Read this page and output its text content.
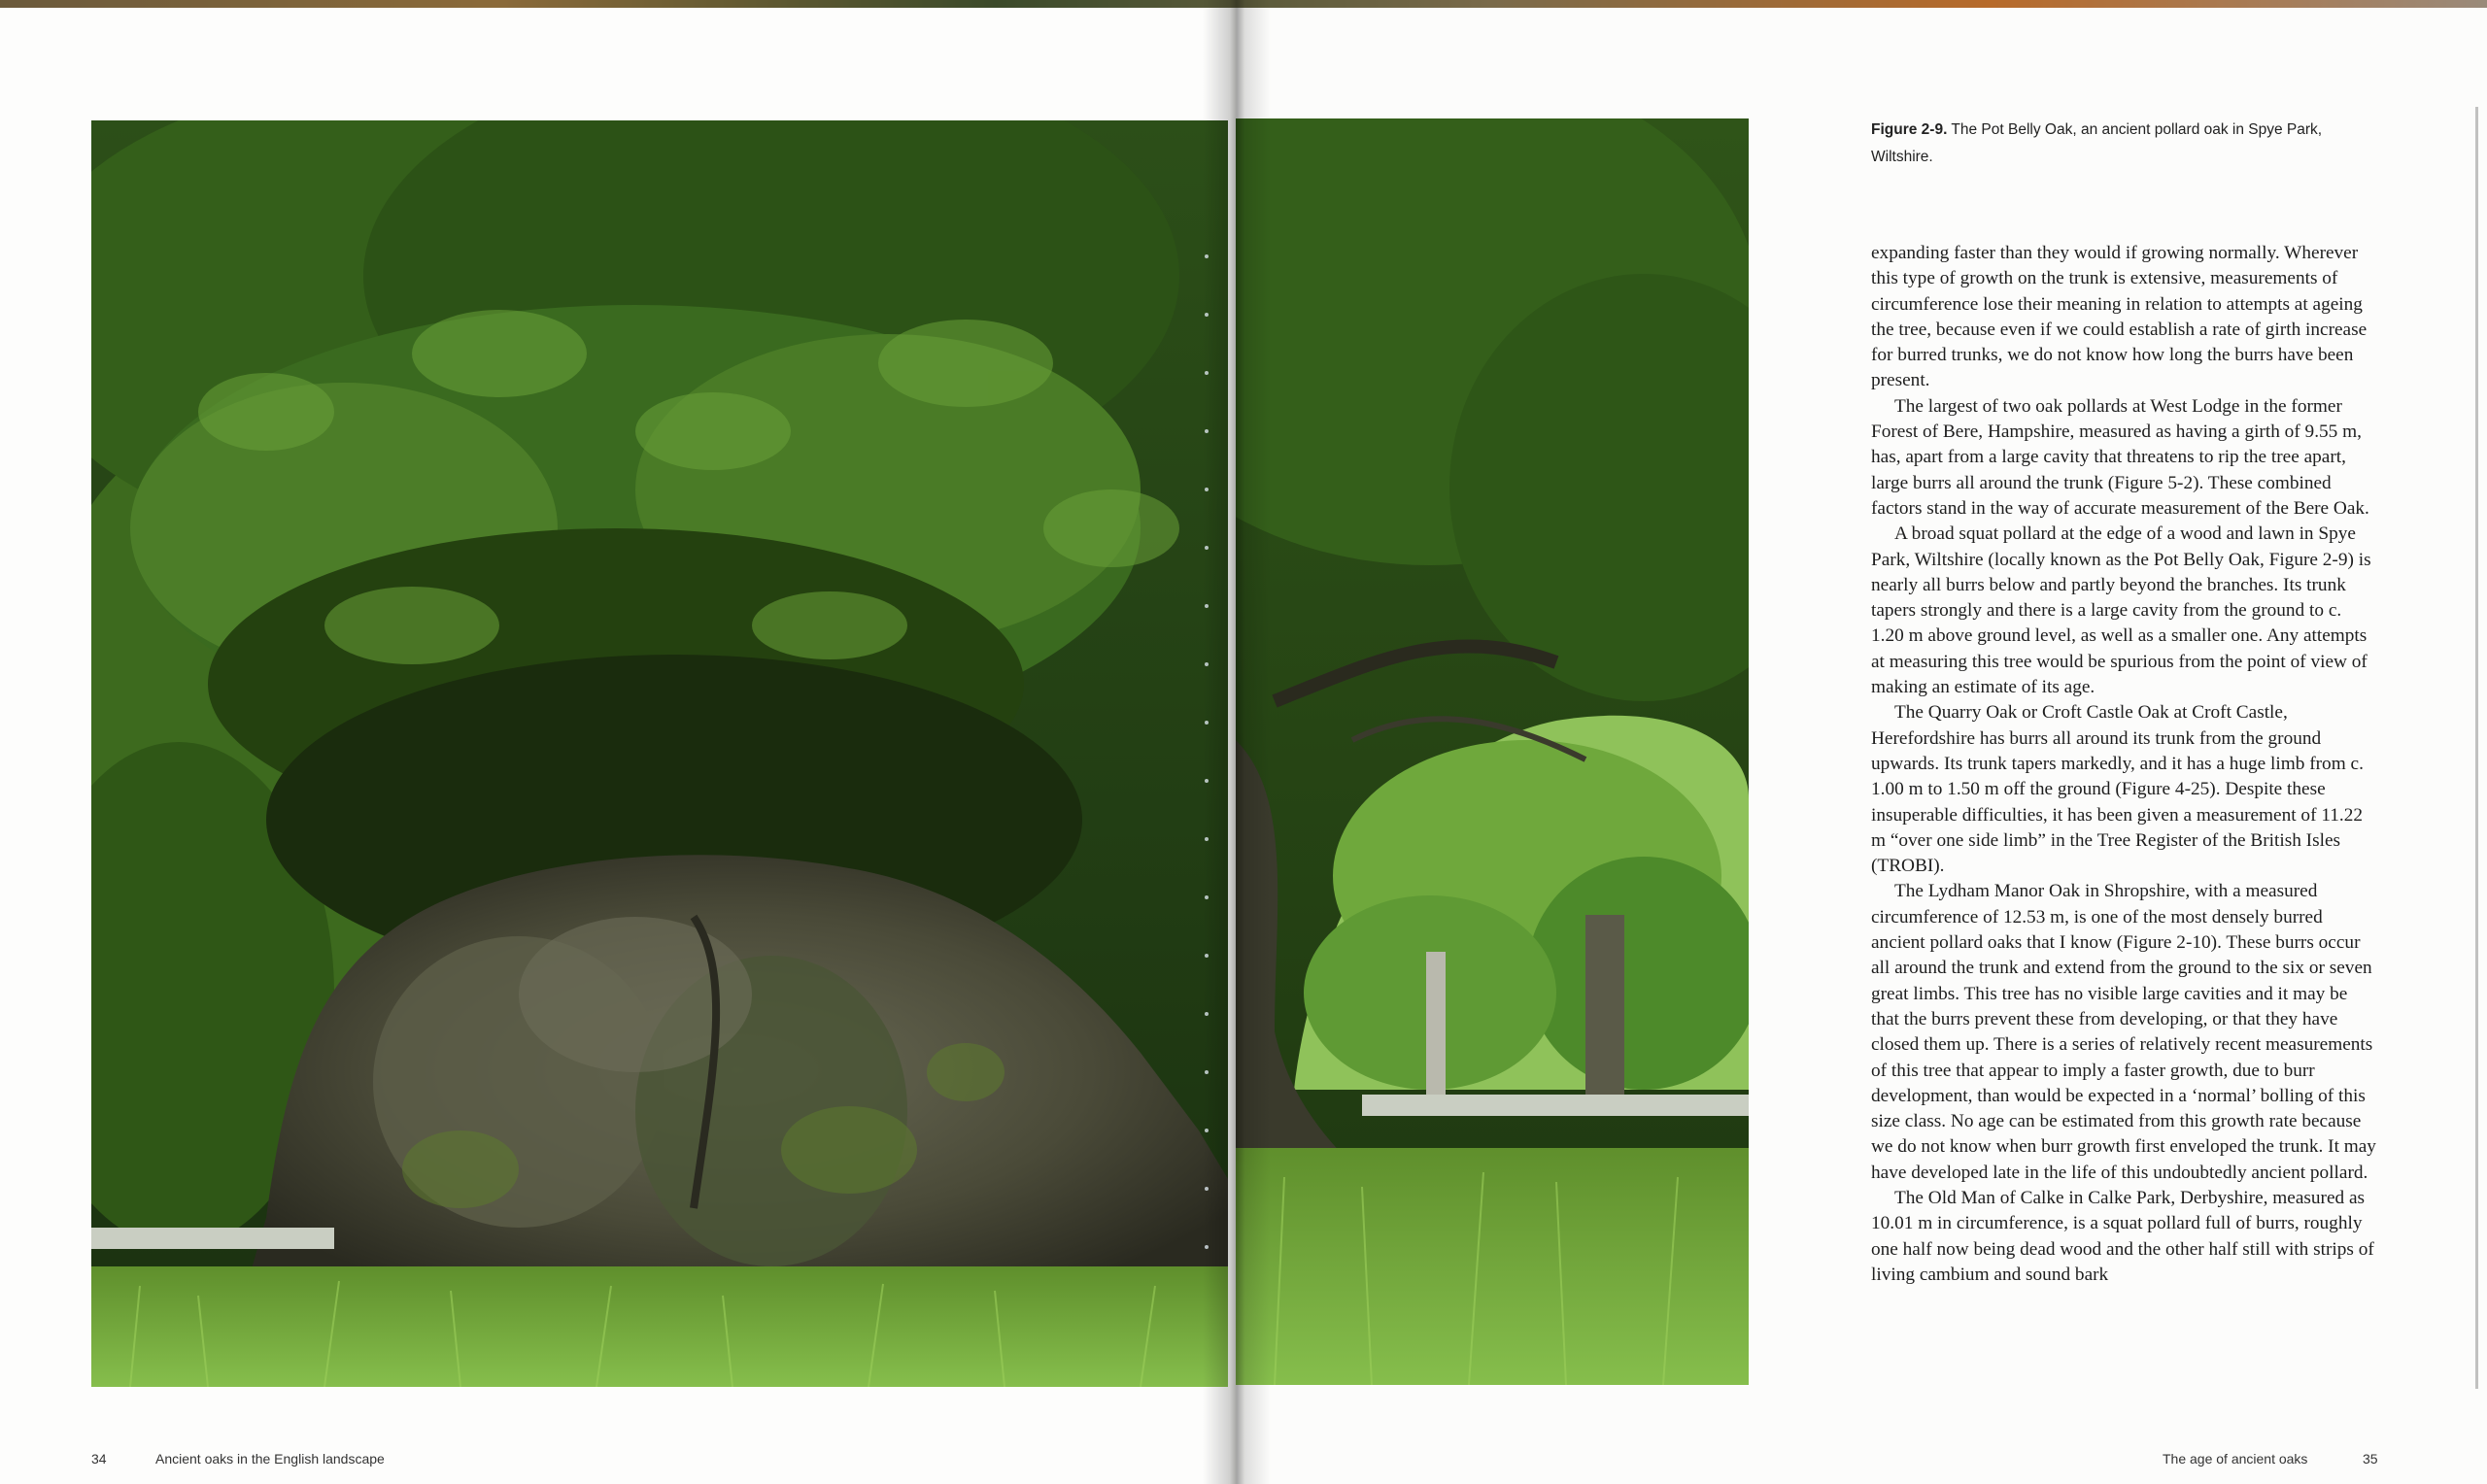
Figure 2-9. The Pot Belly Oak, an ancient pollard oak in Spye Park, Wiltshire.

expanding faster than they would if growing normally. Wherever this type of growth on the trunk is extensive, measurements of circumference lose their meaning in relation to attempts at ageing the tree, because even if we could establish a rate of girth increase for burred trunks, we do not know how long the burrs have been present.

The largest of two oak pollards at West Lodge in the former Forest of Bere, Hampshire, measured as having a girth of 9.55 m, has, apart from a large cavity that threatens to rip the tree apart, large burrs all around the trunk (Figure 5-2). These combined factors stand in the way of accurate measurement of the Bere Oak.

A broad squat pollard at the edge of a wood and lawn in Spye Park, Wiltshire (locally known as the Pot Belly Oak, Figure 2-9) is nearly all burrs below and partly beyond the branches. Its trunk tapers strongly and there is a large cavity from the ground to c. 1.20 m above ground level, as well as a smaller one. Any attempts at measuring this tree would be spurious from the point of view of making an estimate of its age.

The Quarry Oak or Croft Castle Oak at Croft Castle, Herefordshire has burrs all around its trunk from the ground upwards. Its trunk tapers markedly, and it has a huge limb from c. 1.00 m to 1.50 m off the ground (Figure 4-25). Despite these insuperable difficulties, it has been given a measurement of 11.22 m “over one side limb” in the Tree Register of the British Isles (TROBI).

The Lydham Manor Oak in Shropshire, with a measured circumference of 12.53 m, is one of the most densely burred ancient pollard oaks that I know (Figure 2-10). These burrs occur all around the trunk and extend from the ground to the six or seven great limbs. This tree has no visible large cavities and it may be that the burrs prevent these from developing, or that they have closed them up. There is a series of relatively recent measurements of this tree that appear to imply a faster growth, due to burr development, than would be expected in a ‘normal’ bolling of this size class. No age can be estimated from this growth rate because we do not know when burr growth first enveloped the trunk. It may have developed late in the life of this undoubtedly ancient pollard.

The Old Man of Calke in Calke Park, Derbyshire, measured as 10.01 m in circumference, is a squat pollard full of burrs, roughly one half now being dead wood and the other half still with strips of living cambium and sound bark

34	Ancient oaks in the English landscape	The age of ancient oaks	35
